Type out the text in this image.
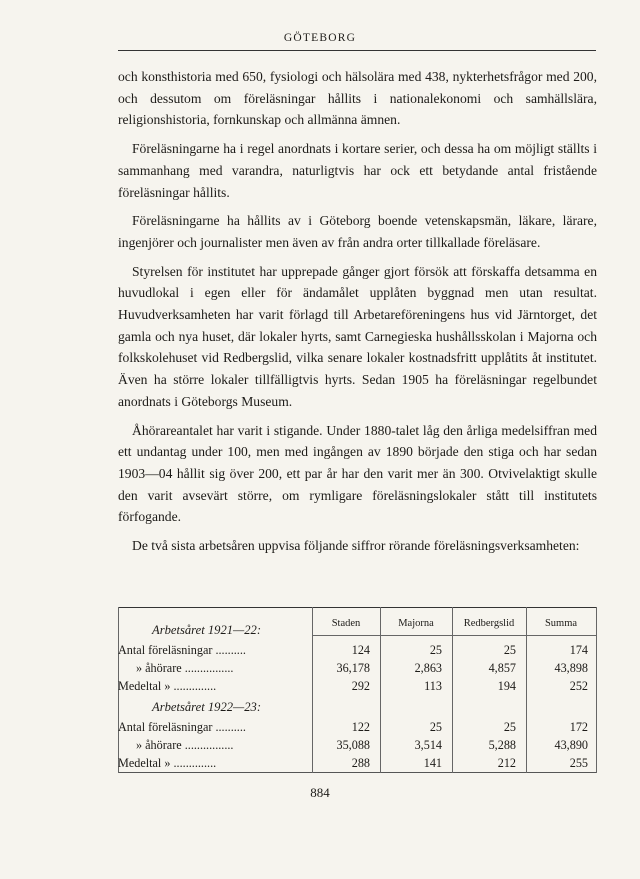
GÖTEBORG

och konsthistoria med 650, fysiologi och hälsolära med 438, nykterhetsfrågor med 200, och dessutom om föreläsningar hållits i nationalekonomi och samhällslära, religionshistoria, fornkunskap och allmänna ämnen.

Föreläsningarne ha i regel anordnats i kortare serier, och dessa ha om möjligt ställts i sammanhang med varandra, naturligtvis har ock ett betydande antal fristående föreläsningar hållits.

Föreläsningarne ha hållits av i Göteborg boende vetenskapsmän, läkare, lärare, ingenjörer och journalister men även av från andra orter tillkallade föreläsare.

Styrelsen för institutet har upprepade gånger gjort försök att förskaffa detsamma en huvudlokal i egen eller för ändamålet upplåten byggnad men utan resultat. Huvudverksamheten har varit förlagd till Arbetareföreningens hus vid Järntorget, det gamla och nya huset, där lokaler hyrts, samt Carnegieska hushållsskolan i Majorna och folkskolehuset vid Redbergslid, vilka senare lokaler kostnadsfritt upplåtits åt institutet. Även ha större lokaler tillfälligtvis hyrts. Sedan 1905 ha föreläsningar regelbundet anordnats i Göteborgs Museum.

Åhörareantalet har varit i stigande. Under 1880-talet låg den årliga medelsiffran med ett undantag under 100, men med ingången av 1890 började den stiga och har sedan 1903—04 hållit sig över 200, ett par år har den varit mer än 300. Otvivelaktigt skulle den varit avsevärt större, om rymligare föreläsningslokaler stått till institutets förfogande.

De två sista arbetsåren uppvisa följande siffror rörande föreläsningsverksamheten:

Staden	Majorna	Redbergslid	Summa
Arbetsåret 1921—22:
Antal föreläsningar ..........	124	25	25	174
» åhörare ................	36,178	2,863	4,857	43,898
Medeltal » ..............	292	113	194	252
Arbetsåret 1922—23:
Antal föreläsningar ..........	122	25	25	172
» åhörare ................	35,088	3,514	5,288	43,890
Medeltal » ..............	288	141	212	255
884
